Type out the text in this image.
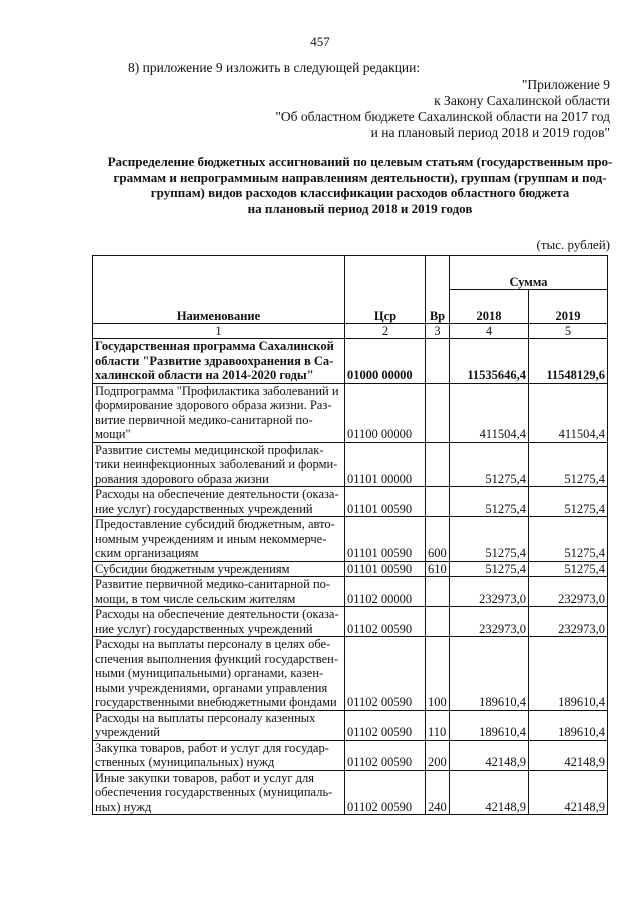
457
8) приложение 9 изложить в следующей редакции:
"Приложение 9
к Закону Сахалинской области
"Об областном бюджете Сахалинской области на 2017 год
и на плановый период 2018 и 2019 годов"
Распределение бюджетных ассигнований по целевым статьям (государственным про-
граммам и непрограммным направлениям деятельности), группам (группам и под-
группам) видов расходов классификации расходов областного бюджета
на плановый период 2018 и 2019 годов
(тыс. рублей)
Наименование	Цср	Вр	Сумма	
			2018	2019
1	2	3	4	5

Государственная программа Сахалинской
области "Развитие здравоохранения в Са-
халинской области на 2014-2020 годы"	01000 00000		11535646,4	11548129,6

Подпрограмма "Профилактика заболеваний и
формирование здорового образа жизни. Раз-
витие первичной медико-санитарной по-
мощи"	01100 00000		411504,4	411504,4

Развитие системы медицинской профилак-
тики неинфекционных заболеваний и форми-
рования здорового образа жизни	01101 00000		51275,4	51275,4

Расходы на обеспечение деятельности (оказа-
ние услуг) государственных учреждений	01101 00590		51275,4	51275,4

Предоставление субсидий бюджетным, авто-
номным учреждениям и иным некоммерче-
ским организациям	01101 00590	600	51275,4	51275,4

Субсидии бюджетным учреждениям	01101 00590	610	51275,4	51275,4

Развитие первичной медико-санитарной по-
мощи, в том числе сельским жителям	01102 00000		232973,0	232973,0

Расходы на обеспечение деятельности (оказа-
ние услуг) государственных учреждений	01102 00590		232973,0	232973,0

Расходы на выплаты персоналу в целях обе-
спечения выполнения функций государствен-
ными (муниципальными) органами, казен-
ными учреждениями, органами управления
государственными внебюджетными фондами	01102 00590	100	189610,4	189610,4

Расходы на выплаты персоналу казенных
учреждений	01102 00590	110	189610,4	189610,4

Закупка товаров, работ и услуг для государ-
ственных (муниципальных) нужд	01102 00590	200	42148,9	42148,9

Иные закупки товаров, работ и услуг для
обеспечения государственных (муниципаль-
ных) нужд	01102 00590	240	42148,9	42148,9
